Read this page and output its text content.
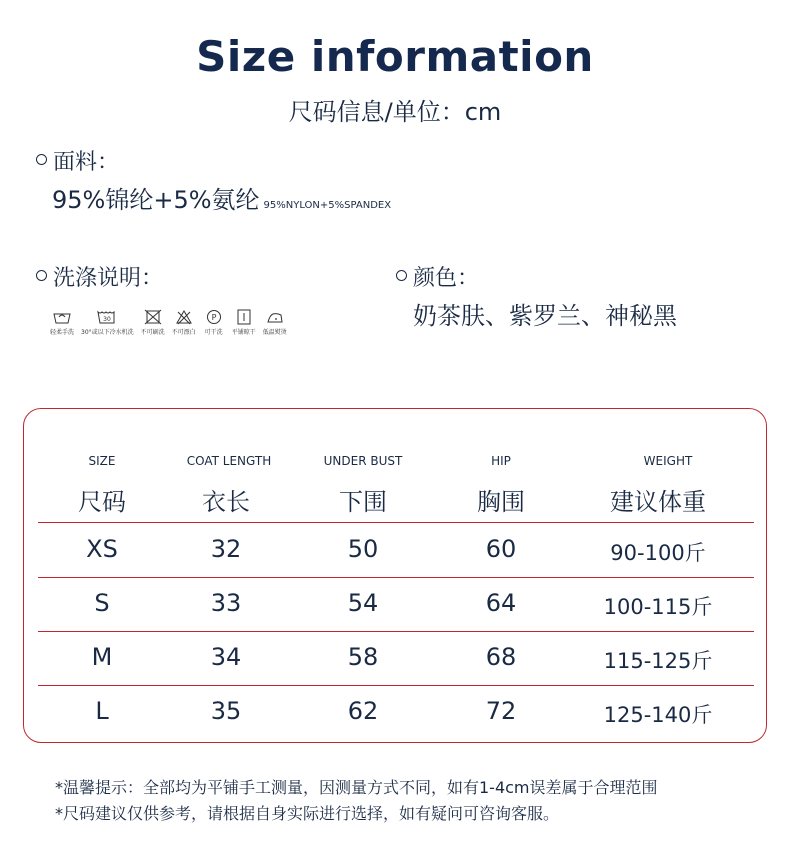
Size information
尺码信息/单位：cm
面料：
95%锦纶+5%氨纶 95%NYLON+5%SPANDEX
洗涤说明：
轻柔手洗
30
30°或以下冷水机洗 不可刷洗 不可漂白
P
可干洗 平铺晾干 低温熨烫
颜色：
奶茶肤、紫罗兰、神秘黑
SIZE	COAT LENGTH	UNDER BUST	HIP	WEIGHT
尺码	衣长	下围	胸围	建议体重
XS	32	50	60	90-100斤
S	33	54	64	100-115斤
M	34	58	68	115-125斤
L	35	62	72	125-140斤
*温馨提示：全部均为平铺手工测量，因测量方式不同，如有1-4cm误差属于合理范围
*尺码建议仅供参考，请根据自身实际进行选择，如有疑问可咨询客服。
